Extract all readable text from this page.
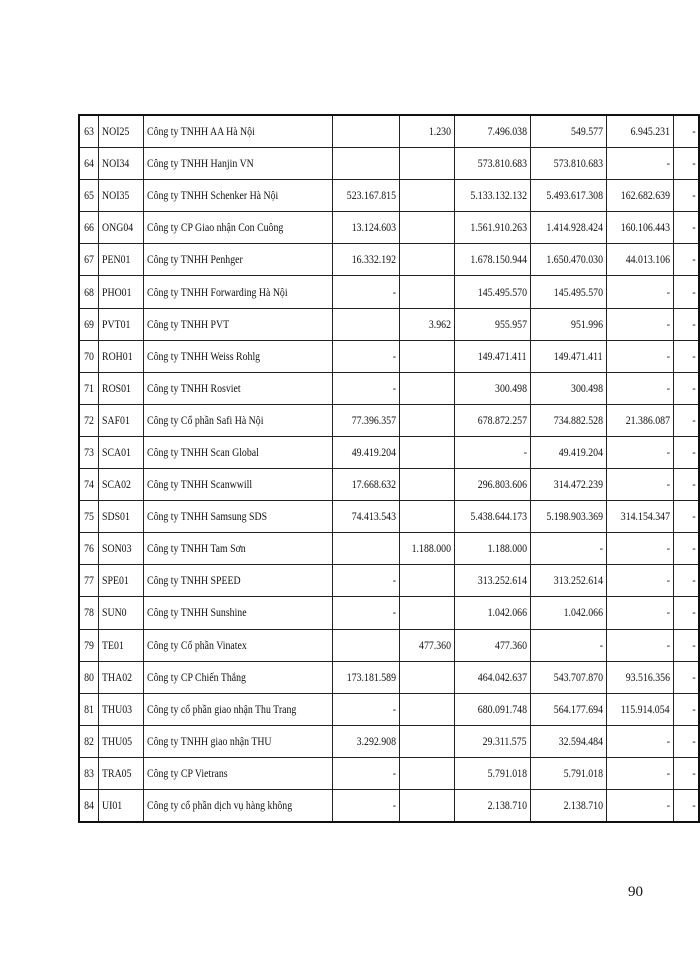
63	NOI25	Công ty TNHH AA Hà Nội		1.230	7.496.038	549.577	6.945.231	-
64	NOI34	Công ty TNHH Hanjin VN			573.810.683	573.810.683	-	-
65	NOI35	Công ty TNHH Schenker Hà Nội	523.167.815		5.133.132.132	5.493.617.308	162.682.639	-
66	ONG04	Công ty CP Giao nhận Con Cuông	13.124.603		1.561.910.263	1.414.928.424	160.106.443	-
67	PEN01	Công ty TNHH Penhger	16.332.192		1.678.150.944	1.650.470.030	44.013.106	-
68	PHO01	Công ty TNHH Forwarding Hà Nội	-		145.495.570	145.495.570	-	-
69	PVT01	Công ty TNHH PVT		3.962	955.957	951.996	-	-
70	ROH01	Công ty TNHH Weiss Rohlg	-		149.471.411	149.471.411	-	-
71	ROS01	Công ty TNHH Rosviet	-		300.498	300.498	-	-
72	SAF01	Công ty Cổ phần Safi Hà Nội	77.396.357		678.872.257	734.882.528	21.386.087	-
73	SCA01	Công ty TNHH Scan Global	49.419.204		-	49.419.204	-	-
74	SCA02	Công ty TNHH Scanwwill	17.668.632		296.803.606	314.472.239	-	-
75	SDS01	Công ty TNHH Samsung SDS	74.413.543		5.438.644.173	5.198.903.369	314.154.347	-
76	SON03	Công ty TNHH Tam Sơn		1.188.000	1.188.000	-	-	-
77	SPE01	Công ty TNHH SPEED	-		313.252.614	313.252.614	-	-
78	SUN0	Công ty TNHH Sunshine	-		1.042.066	1.042.066	-	-
79	TE01	Công ty Cổ phần Vinatex		477.360	477.360	-	-	-
80	THA02	Công ty CP Chiến Thắng	173.181.589		464.042.637	543.707.870	93.516.356	-
81	THU03	Công ty cổ phần giao nhận Thu Trang	-		680.091.748	564.177.694	115.914.054	-
82	THU05	Công ty TNHH giao nhận THU	3.292.908		29.311.575	32.594.484	-	-
83	TRA05	Công ty CP Vietrans	-		5.791.018	5.791.018	-	-
84	UI01	Công ty cổ phần dịch vụ hàng không	-		2.138.710	2.138.710	-	-
90
